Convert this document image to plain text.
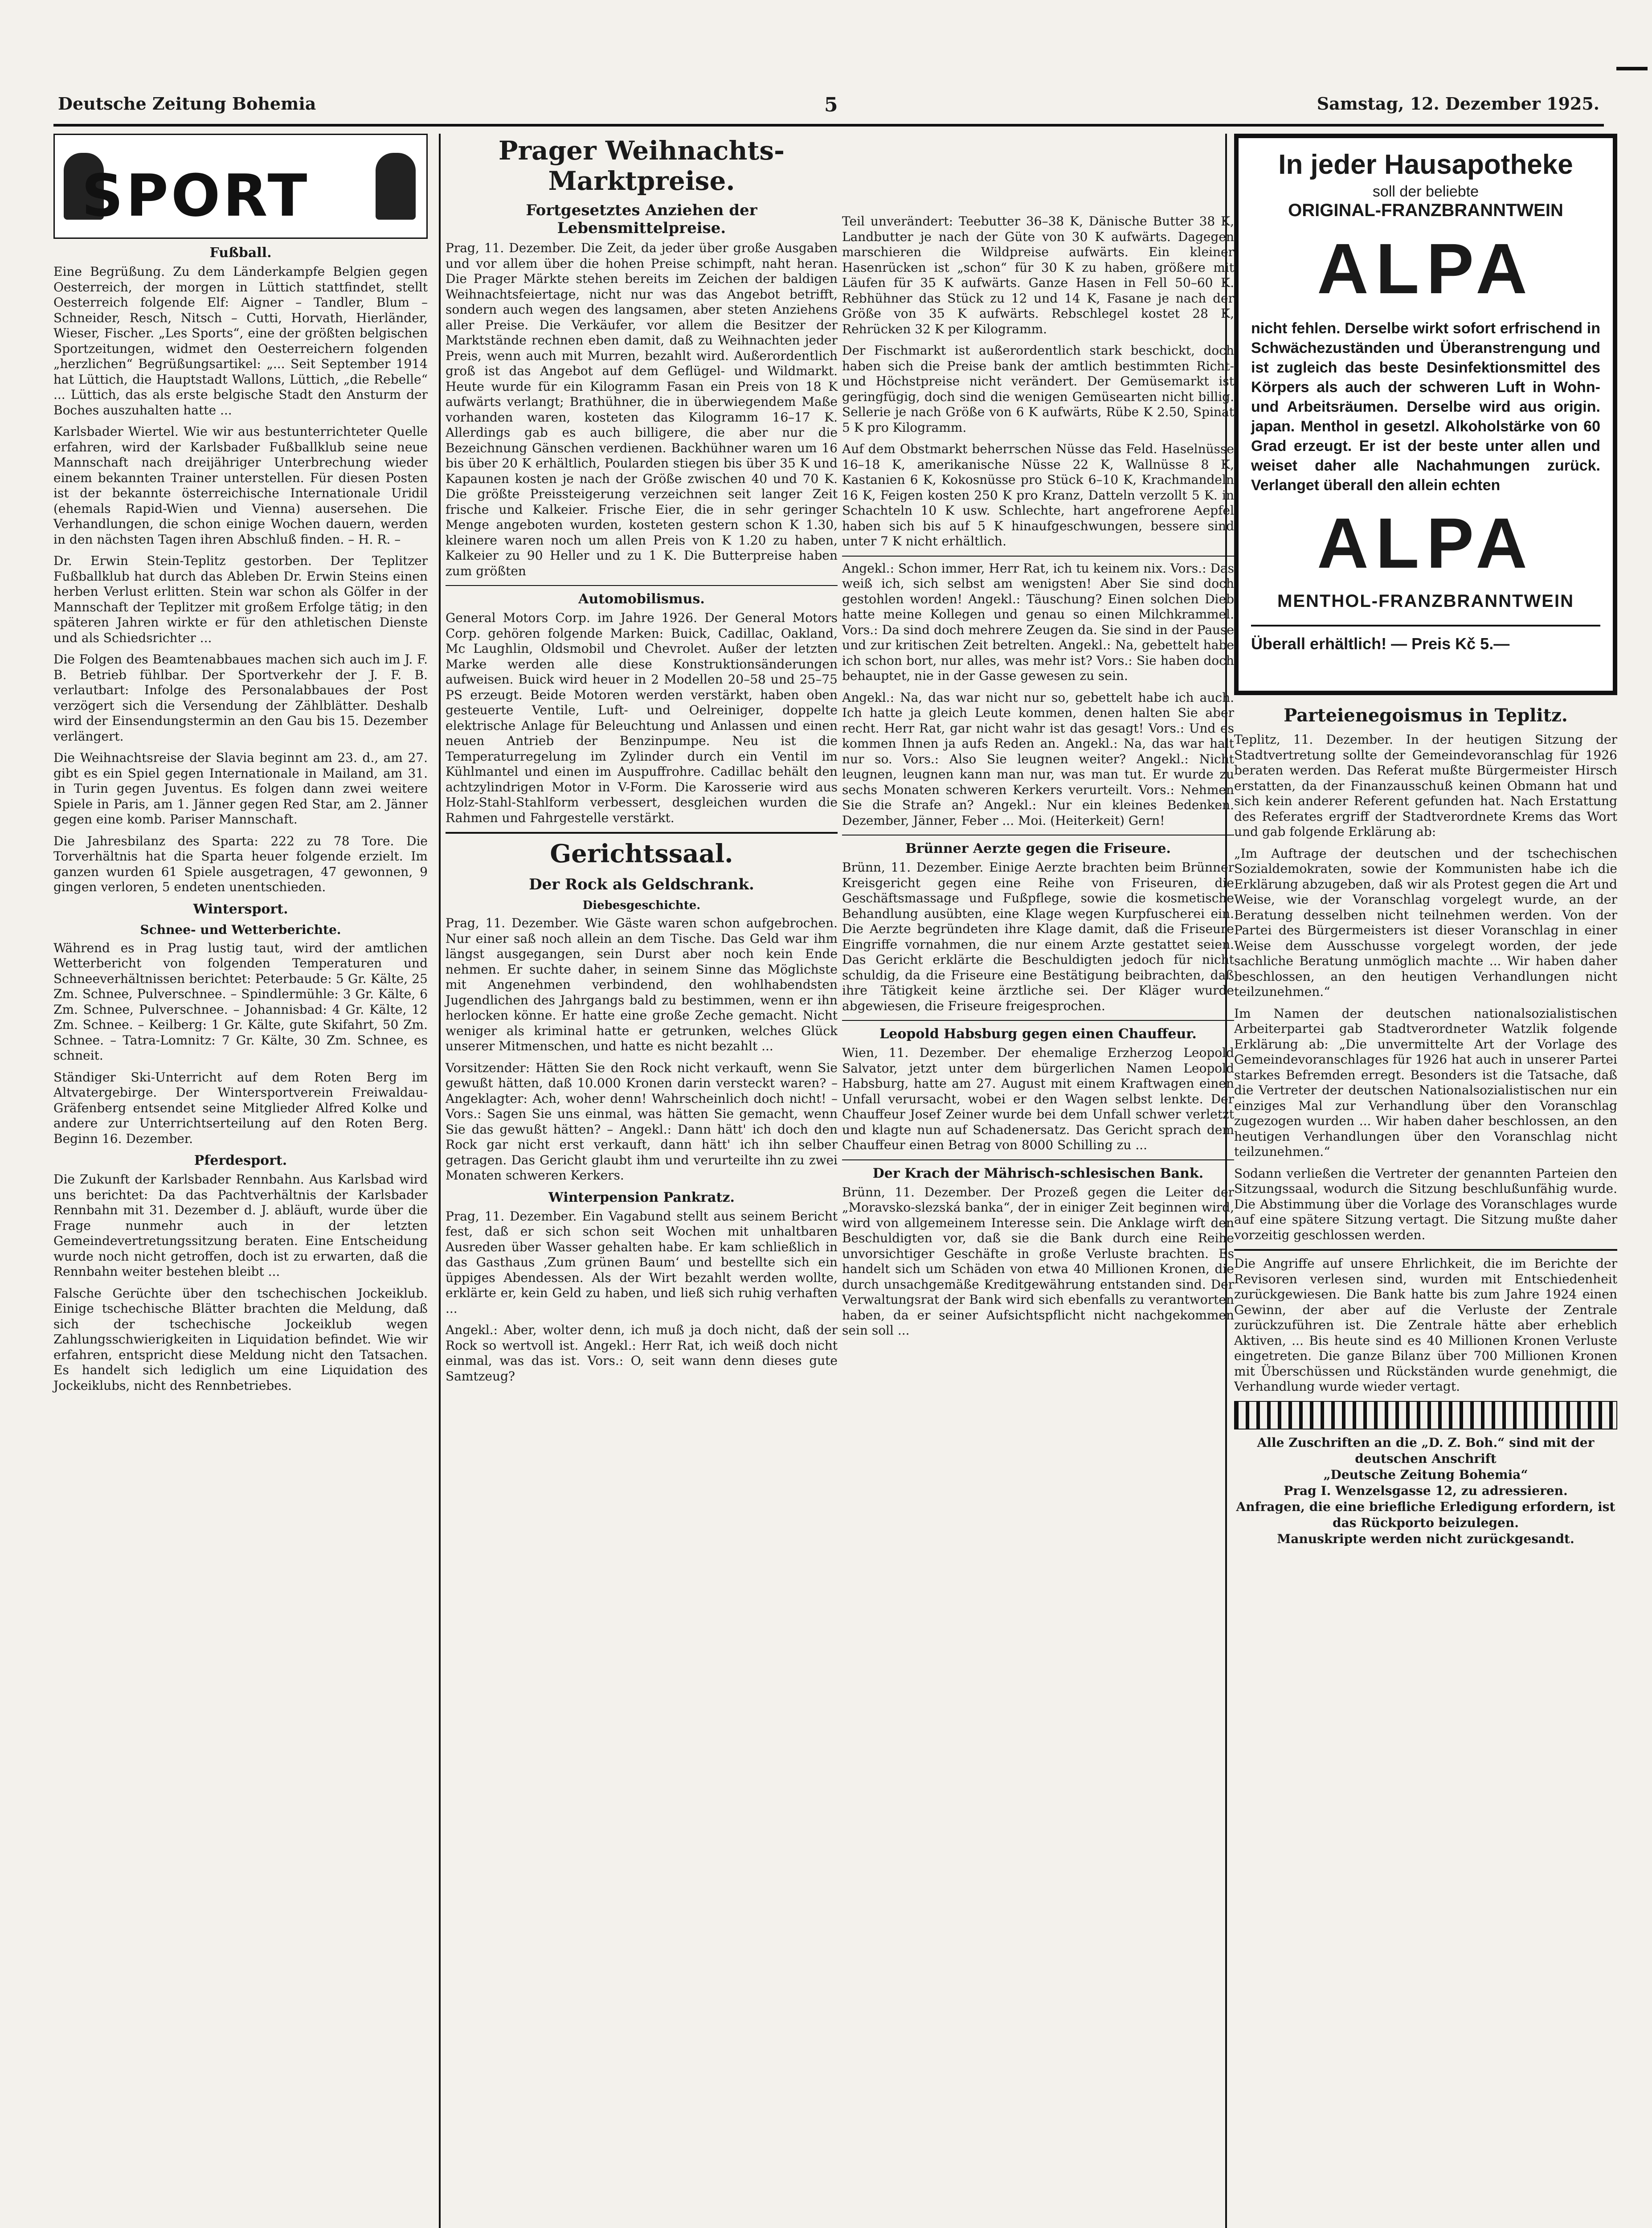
Deutsche Zeitung Bohemia	5	Samstag, 12. Dezember 1925.
SPORT
Fußball.

Eine Begrüßung. Zu dem Länderkampfe Belgien gegen Oesterreich, der morgen in Lüttich stattfindet, stellt Oesterreich folgende Elf: Aigner – Tandler, Blum – Schneider, Resch, Nitsch – Cutti, Horvath, Hierländer, Wieser, Fischer. „Les Sports“, eine der größten belgischen Sportzeitungen, widmet den Oesterreichern folgenden „herzlichen“ Begrüßungsartikel: „... Seit September 1914 hat Lüttich, die Hauptstadt Wallons, Lüttich, „die Rebelle“ ... Lüttich, das als erste belgische Stadt den Ansturm der Boches auszuhalten hatte ...

Karlsbader Wiertel. Wie wir aus bestunterrichteter Quelle erfahren, wird der Karlsbader Fußballklub seine neue Mannschaft nach dreijähriger Unterbrechung wieder einem bekannten Trainer unterstellen. Für diesen Posten ist der bekannte österreichische Internationale Uridil (ehemals Rapid-Wien und Vienna) ausersehen. Die Verhandlungen, die schon einige Wochen dauern, werden in den nächsten Tagen ihren Abschluß finden. – H. R. –

Dr. Erwin Stein-Teplitz gestorben. Der Teplitzer Fußballklub hat durch das Ableben Dr. Erwin Steins einen herben Verlust erlitten. Stein war schon als Gölfer in der Mannschaft der Teplitzer mit großem Erfolge tätig; in den späteren Jahren wirkte er für den athletischen Dienste und als Schiedsrichter ...

Die Folgen des Beamtenabbaues machen sich auch im J. F. B. Betrieb fühlbar. Der Sportverkehr der J. F. B. verlautbart: Infolge des Personalabbaues der Post verzögert sich die Versendung der Zählblätter. Deshalb wird der Einsendungstermin an den Gau bis 15. Dezember verlängert.

Die Weihnachtsreise der Slavia beginnt am 23. d., am 27. gibt es ein Spiel gegen Internationale in Mailand, am 31. in Turin gegen Juventus. Es folgen dann zwei weitere Spiele in Paris, am 1. Jänner gegen Red Star, am 2. Jänner gegen eine komb. Pariser Mannschaft.

Die Jahresbilanz des Sparta: 222 zu 78 Tore. Die Torverhältnis hat die Sparta heuer folgende erzielt. Im ganzen wurden 61 Spiele ausgetragen, 47 gewonnen, 9 gingen verloren, 5 endeten unentschieden.

Wintersport.
Schnee- und Wetterberichte.

Während es in Prag lustig taut, wird der amtlichen Wetterbericht von folgenden Temperaturen und Schneeverhältnissen berichtet: Peterbaude: 5 Gr. Kälte, 25 Zm. Schnee, Pulverschnee. – Spindlermühle: 3 Gr. Kälte, 6 Zm. Schnee, Pulverschnee. – Johannisbad: 4 Gr. Kälte, 12 Zm. Schnee. – Keilberg: 1 Gr. Kälte, gute Skifahrt, 50 Zm. Schnee. – Tatra-Lomnitz: 7 Gr. Kälte, 30 Zm. Schnee, es schneit.

Ständiger Ski-Unterricht auf dem Roten Berg im Altvatergebirge. Der Wintersportverein Freiwaldau-Gräfenberg entsendet seine Mitglieder Alfred Kolke und andere zur Unterrichtserteilung auf den Roten Berg. Beginn 16. Dezember.

Pferdesport.

Die Zukunft der Karlsbader Rennbahn. Aus Karlsbad wird uns berichtet: Da das Pachtverhältnis der Karlsbader Rennbahn mit 31. Dezember d. J. abläuft, wurde über die Frage nunmehr auch in der letzten Gemeindevertretungssitzung beraten. Eine Entscheidung wurde noch nicht getroffen, doch ist zu erwarten, daß die Rennbahn weiter bestehen bleibt ...

Falsche Gerüchte über den tschechischen Jockeiklub. Einige tschechische Blätter brachten die Meldung, daß sich der tschechische Jockeiklub wegen Zahlungsschwierigkeiten in Liquidation befindet. Wie wir erfahren, entspricht diese Meldung nicht den Tatsachen. Es handelt sich lediglich um eine Liquidation des Jockeiklubs, nicht des Rennbetriebes.

Prager Weihnachts-Marktpreise.
Fortgesetztes Anziehen der Lebensmittelpreise.

Prag, 11. Dezember. Die Zeit, da jeder über große Ausgaben und vor allem über die hohen Preise schimpft, naht heran. Die Prager Märkte stehen bereits im Zeichen der baldigen Weihnachtsfeiertage, nicht nur was das Angebot betrifft, sondern auch wegen des langsamen, aber steten Anziehens aller Preise. Die Verkäufer, vor allem die Besitzer der Marktstände rechnen eben damit, daß zu Weihnachten jeder Preis, wenn auch mit Murren, bezahlt wird. Außerordentlich groß ist das Angebot auf dem Geflügel- und Wildmarkt. Heute wurde für ein Kilogramm Fasan ein Preis von 18 K aufwärts verlangt; Brathühner, die in überwiegendem Maße vorhanden waren, kosteten das Kilogramm 16–17 K. Allerdings gab es auch billigere, die aber nur die Bezeichnung Gänschen verdienen. Backhühner waren um 16 bis über 20 K erhältlich, Poularden stiegen bis über 35 K und Kapaunen kosten je nach der Größe zwischen 40 und 70 K. Die größte Preissteigerung verzeichnen seit langer Zeit frische und Kalkeier. Frische Eier, die in sehr geringer Menge angeboten wurden, kosteten gestern schon K 1.30, kleinere waren noch um allen Preis von K 1.20 zu haben, Kalkeier zu 90 Heller und zu 1 K. Die Butterpreise haben zum größten

Automobilismus.

General Motors Corp. im Jahre 1926. Der General Motors Corp. gehören folgende Marken: Buick, Cadillac, Oakland, Mc Laughlin, Oldsmobil und Chevrolet. Außer der letzten Marke werden alle diese Konstruktionsänderungen aufweisen. Buick wird heuer in 2 Modellen 20–58 und 25–75 PS erzeugt. Beide Motoren werden verstärkt, haben oben gesteuerte Ventile, Luft- und Oelreiniger, doppelte elektrische Anlage für Beleuchtung und Anlassen und einen neuen Antrieb der Benzinpumpe. Neu ist die Temperaturregelung im Zylinder durch ein Ventil im Kühlmantel und einen im Auspuffrohre. Cadillac behält den achtzylindrigen Motor in V-Form. Die Karosserie wird aus Holz-Stahl-Stahlform verbessert, desgleichen wurden die Rahmen und Fahrgestelle verstärkt.

Gerichtssaal.
Der Rock als Geldschrank.
Diebesgeschichte.

Prag, 11. Dezember. Wie Gäste waren schon aufgebrochen. Nur einer saß noch allein an dem Tische. Das Geld war ihm längst ausgegangen, sein Durst aber noch kein Ende nehmen. Er suchte daher, in seinem Sinne das Möglichste mit Angenehmen verbindend, den wohlhabendsten Jugendlichen des Jahrgangs bald zu bestimmen, wenn er ihn herlocken könne. Er hatte eine große Zeche gemacht. Nicht weniger als kriminal hatte er getrunken, welches Glück unserer Mitmenschen, und hatte es nicht bezahlt ...

Vorsitzender: Hätten Sie den Rock nicht verkauft, wenn Sie gewußt hätten, daß 10.000 Kronen darin versteckt waren? – Angeklagter: Ach, woher denn! Wahrscheinlich doch nicht! – Vors.: Sagen Sie uns einmal, was hätten Sie gemacht, wenn Sie das gewußt hätten? – Angekl.: Dann hätt' ich doch den Rock gar nicht erst verkauft, dann hätt' ich ihn selber getragen. Das Gericht glaubt ihm und verurteilte ihn zu zwei Monaten schweren Kerkers.

Winterpension Pankratz.

Prag, 11. Dezember. Ein Vagabund stellt aus seinem Bericht fest, daß er sich schon seit Wochen mit unhaltbaren Ausreden über Wasser gehalten habe. Er kam schließlich in das Gasthaus ‚Zum grünen Baum‘ und bestellte sich ein üppiges Abendessen. Als der Wirt bezahlt werden wollte, erklärte er, kein Geld zu haben, und ließ sich ruhig verhaften ...

Angekl.: Aber, wolter denn, ich muß ja doch nicht, daß der Rock so wertvoll ist. Angekl.: Herr Rat, ich weiß doch nicht einmal, was das ist. Vors.: O, seit wann denn dieses gute Samtzeug?

Teil unverändert: Teebutter 36–38 K, Dänische Butter 38 K, Landbutter je nach der Güte von 30 K aufwärts. Dagegen marschieren die Wildpreise aufwärts. Ein kleiner Hasenrücken ist „schon“ für 30 K zu haben, größere mit Läufen für 35 K aufwärts. Ganze Hasen in Fell 50–60 K. Rebhühner das Stück zu 12 und 14 K, Fasane je nach der Größe von 35 K aufwärts. Rebschlegel kostet 28 K, Rehrücken 32 K per Kilogramm.

Der Fischmarkt ist außerordentlich stark beschickt, doch haben sich die Preise bank der amtlich bestimmten Richt- und Höchstpreise nicht verändert. Der Gemüsemarkt ist geringfügig, doch sind die wenigen Gemüsearten nicht billig. Sellerie je nach Größe von 6 K aufwärts, Rübe K 2.50, Spinat 5 K pro Kilogramm.

Auf dem Obstmarkt beherrschen Nüsse das Feld. Haselnüsse 16–18 K, amerikanische Nüsse 22 K, Wallnüsse 8 K, Kastanien 6 K, Kokosnüsse pro Stück 6–10 K, Krachmandeln 16 K, Feigen kosten 250 K pro Kranz, Datteln verzollt 5 K. in Schachteln 10 K usw. Schlechte, hart angefrorene Aepfel haben sich bis auf 5 K hinaufgeschwungen, bessere sind unter 7 K nicht erhältlich.

Angekl.: Schon immer, Herr Rat, ich tu keinem nix. Vors.: Das weiß ich, sich selbst am wenigsten! Aber Sie sind doch gestohlen worden! Angekl.: Täuschung? Einen solchen Dieb hatte meine Kollegen und genau so einen Milchkrammel. Vors.: Da sind doch mehrere Zeugen da. Sie sind in der Pause und zur kritischen Zeit betrelten. Angekl.: Na, gebettelt habe ich schon bort, nur alles, was mehr ist? Vors.: Sie haben doch behauptet, nie in der Gasse gewesen zu sein.

Angekl.: Na, das war nicht nur so, gebettelt habe ich auch. Ich hatte ja gleich Leute kommen, denen halten Sie aber recht. Herr Rat, gar nicht wahr ist das gesagt! Vors.: Und es kommen Ihnen ja aufs Reden an. Angekl.: Na, das war halt nur so. Vors.: Also Sie leugnen weiter? Angekl.: Nicht leugnen, leugnen kann man nur, was man tut. Er wurde zu sechs Monaten schweren Kerkers verurteilt. Vors.: Nehmen Sie die Strafe an? Angekl.: Nur ein kleines Bedenken. Dezember, Jänner, Feber ... Moi. (Heiterkeit) Gern!

Brünner Aerzte gegen die Friseure.

Brünn, 11. Dezember. Einige Aerzte brachten beim Brünner Kreisgericht gegen eine Reihe von Friseuren, die Geschäftsmassage und Fußpflege, sowie die kosmetische Behandlung ausübten, eine Klage wegen Kurpfuscherei ein. Die Aerzte begründeten ihre Klage damit, daß die Friseure Eingriffe vornahmen, die nur einem Arzte gestattet seien. Das Gericht erklärte die Beschuldigten jedoch für nicht schuldig, da die Friseure eine Bestätigung beibrachten, daß ihre Tätigkeit keine ärztliche sei. Der Kläger wurde abgewiesen, die Friseure freigesprochen.

Leopold Habsburg gegen einen Chauffeur.

Wien, 11. Dezember. Der ehemalige Erzherzog Leopold Salvator, jetzt unter dem bürgerlichen Namen Leopold Habsburg, hatte am 27. August mit einem Kraftwagen einen Unfall verursacht, wobei er den Wagen selbst lenkte. Der Chauffeur Josef Zeiner wurde bei dem Unfall schwer verletzt und klagte nun auf Schadenersatz. Das Gericht sprach dem Chauffeur einen Betrag von 8000 Schilling zu ...

Der Krach der Mährisch-schlesischen Bank.

Brünn, 11. Dezember. Der Prozeß gegen die Leiter der „Moravsko-slezská banka“, der in einiger Zeit beginnen wird, wird von allgemeinem Interesse sein. Die Anklage wirft den Beschuldigten vor, daß sie die Bank durch eine Reihe unvorsichtiger Geschäfte in große Verluste brachten. Es handelt sich um Schäden von etwa 40 Millionen Kronen, die durch unsachgemäße Kreditgewährung entstanden sind. Der Verwaltungsrat der Bank wird sich ebenfalls zu verantworten haben, da er seiner Aufsichtspflicht nicht nachgekommen sein soll ...

In jeder Hausapotheke
soll der beliebte
ORIGINAL-FRANZBRANNTWEIN
ALPA
nicht fehlen. Derselbe wirkt sofort erfrischend in Schwächezuständen und Überanstrengung und ist zugleich das beste Desinfektionsmittel des Körpers als auch der schweren Luft in Wohn- und Arbeitsräumen. Derselbe wird aus origin. japan. Menthol in gesetzl. Alkoholstärke von 60 Grad erzeugt. Er ist der beste unter allen und weiset daher alle Nachahmungen zurück. Verlanget überall den allein echten
ALPA
MENTHOL-FRANZBRANNTWEIN
Überall erhältlich! — Preis Kč 5.—
Parteienegoismus in Teplitz.

Teplitz, 11. Dezember. In der heutigen Sitzung der Stadtvertretung sollte der Gemeindevoranschlag für 1926 beraten werden. Das Referat mußte Bürgermeister Hirsch erstatten, da der Finanzausschuß keinen Obmann hat und sich kein anderer Referent gefunden hat. Nach Erstattung des Referates ergriff der Stadtverordnete Krems das Wort und gab folgende Erklärung ab:

„Im Auftrage der deutschen und der tschechischen Sozialdemokraten, sowie der Kommunisten habe ich die Erklärung abzugeben, daß wir als Protest gegen die Art und Weise, wie der Voranschlag vorgelegt wurde, an der Beratung desselben nicht teilnehmen werden. Von der Partei des Bürgermeisters ist dieser Voranschlag in einer Weise dem Ausschusse vorgelegt worden, der jede sachliche Beratung unmöglich machte ... Wir haben daher beschlossen, an den heutigen Verhandlungen nicht teilzunehmen.“

Im Namen der deutschen nationalsozialistischen Arbeiterpartei gab Stadtverordneter Watzlik folgende Erklärung ab: „Die unvermittelte Art der Vorlage des Gemeindevoranschlages für 1926 hat auch in unserer Partei starkes Befremden erregt. Besonders ist die Tatsache, daß die Vertreter der deutschen Nationalsozialistischen nur ein einziges Mal zur Verhandlung über den Voranschlag zugezogen wurden ... Wir haben daher beschlossen, an den heutigen Verhandlungen über den Voranschlag nicht teilzunehmen.“

Sodann verließen die Vertreter der genannten Parteien den Sitzungssaal, wodurch die Sitzung beschlußunfähig wurde. Die Abstimmung über die Vorlage des Voranschlages wurde auf eine spätere Sitzung vertagt. Die Sitzung mußte daher vorzeitig geschlossen werden.

Die Angriffe auf unsere Ehrlichkeit, die im Berichte der Revisoren verlesen sind, wurden mit Entschiedenheit zurückgewiesen. Die Bank hatte bis zum Jahre 1924 einen Gewinn, der aber auf die Verluste der Zentrale zurückzuführen ist. Die Zentrale hätte aber erheblich Aktiven, ... Bis heute sind es 40 Millionen Kronen Verluste eingetreten. Die ganze Bilanz über 700 Millionen Kronen mit Überschüssen und Rückständen wurde genehmigt, die Verhandlung wurde wieder vertagt.

Alle Zuschriften an die „D. Z. Boh.“ sind mit der deutschen Anschrift
„Deutsche Zeitung Bohemia“
Prag I. Wenzelsgasse 12, zu adressieren.
Anfragen, die eine briefliche Erledigung erfordern, ist das Rückporto beizulegen.
Manuskripte werden nicht zurückgesandt.
